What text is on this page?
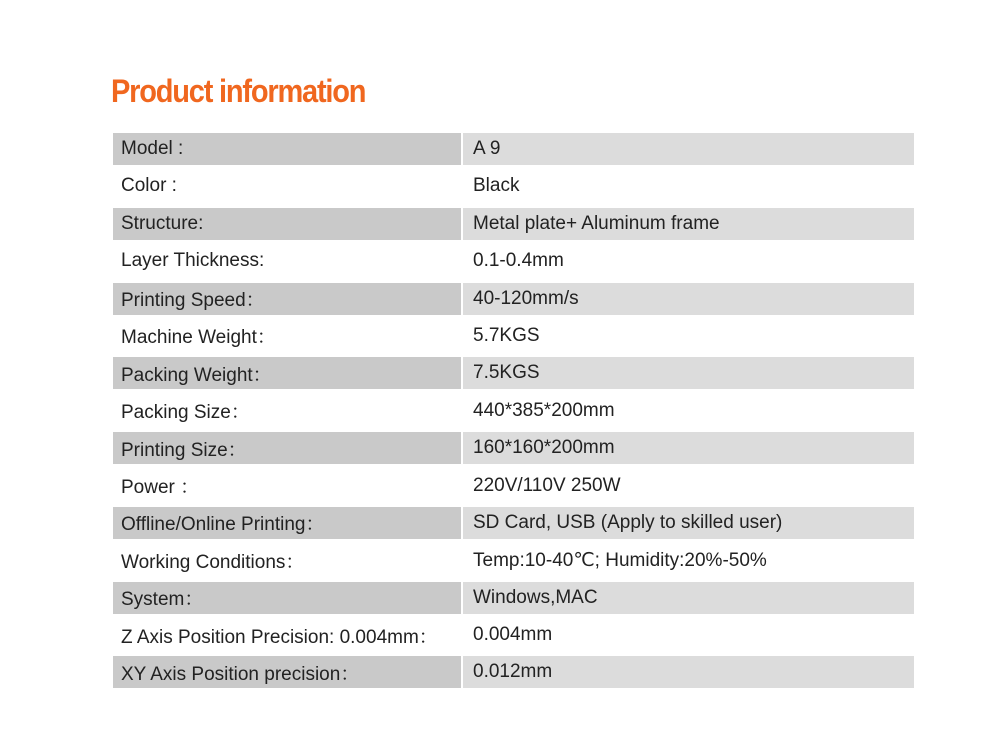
Product information
Model :	A 9
Color :	Black
Structure:	Metal plate+ Aluminum frame
Layer Thickness:	0.1-0.4mm
Printing Speed：	40-120mm/s
Machine Weight：	5.7KGS
Packing Weight：	7.5KGS
Packing Size：	440*385*200mm
Printing Size：	160*160*200mm
Power ：	220V/110V 250W
Offline/Online Printing：	SD Card, USB (Apply to skilled user)
Working Conditions：	Temp:10-40℃; Humidity:20%-50%
System：	Windows,MAC
Z Axis Position Precision: 0.004mm：	0.004mm
XY Axis Position precision：	0.012mm
